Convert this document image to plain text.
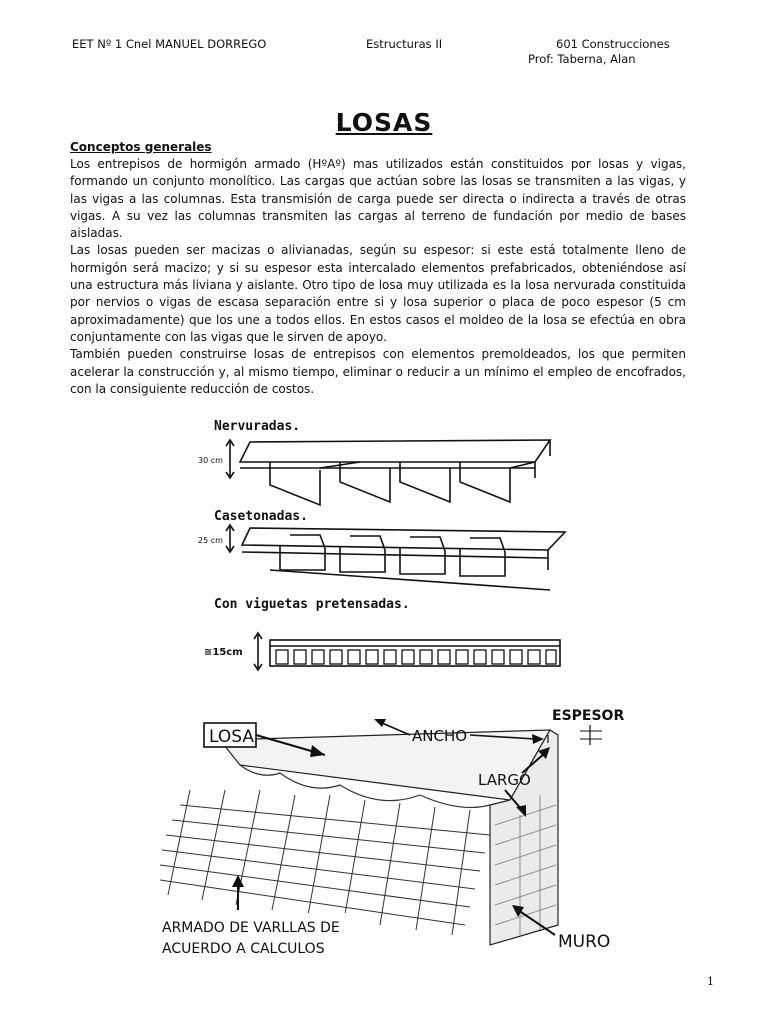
EET Nº 1 Cnel MANUEL DORREGO	Estructuras II	601 Construcciones
Prof: Taberna, Alan
LOSAS
Conceptos generales

Los entrepisos de hormigón armado (HºAº) mas utilizados están constituidos por losas y vigas, formando un conjunto monolítico. Las cargas que actúan sobre las losas se transmiten a las vigas, y las vigas a las columnas. Esta transmisión de carga puede ser directa o indirecta a través de otras vigas. A su vez las columnas transmiten las cargas al terreno de fundación por medio de bases aisladas.

Las losas pueden ser macizas o alivianadas, según su espesor: si este está totalmente lleno de hormigón será macizo; y si su espesor esta intercalado elementos prefabricados, obteniéndose así una estructura más liviana y aislante. Otro tipo de losa muy utilizada es la losa nervurada constituida por nervios o vigas de escasa separación entre si y losa superior o placa de poco espesor (5 cm aproximadamente) que los une a todos ellos. En estos casos el moldeo de la losa se efectúa en obra conjuntamente con las vigas que le sirven de apoyo.

También pueden construirse losas de entrepisos con elementos premoldeados, los que permiten acelerar la construcción y, al mismo tiempo, eliminar o reducir a un mínimo el empleo de encofrados, con la consiguiente reducción de costos.

Nervuradas.
30 cm
Casetonadas.
25 cm
Con viguetas pretensadas.
≅15cm
LOSA	ANCHO
ESPESOR
LARGO
ARMADO DE VARLLAS DE
ACUERDO A CALCULOS	MURO
1
